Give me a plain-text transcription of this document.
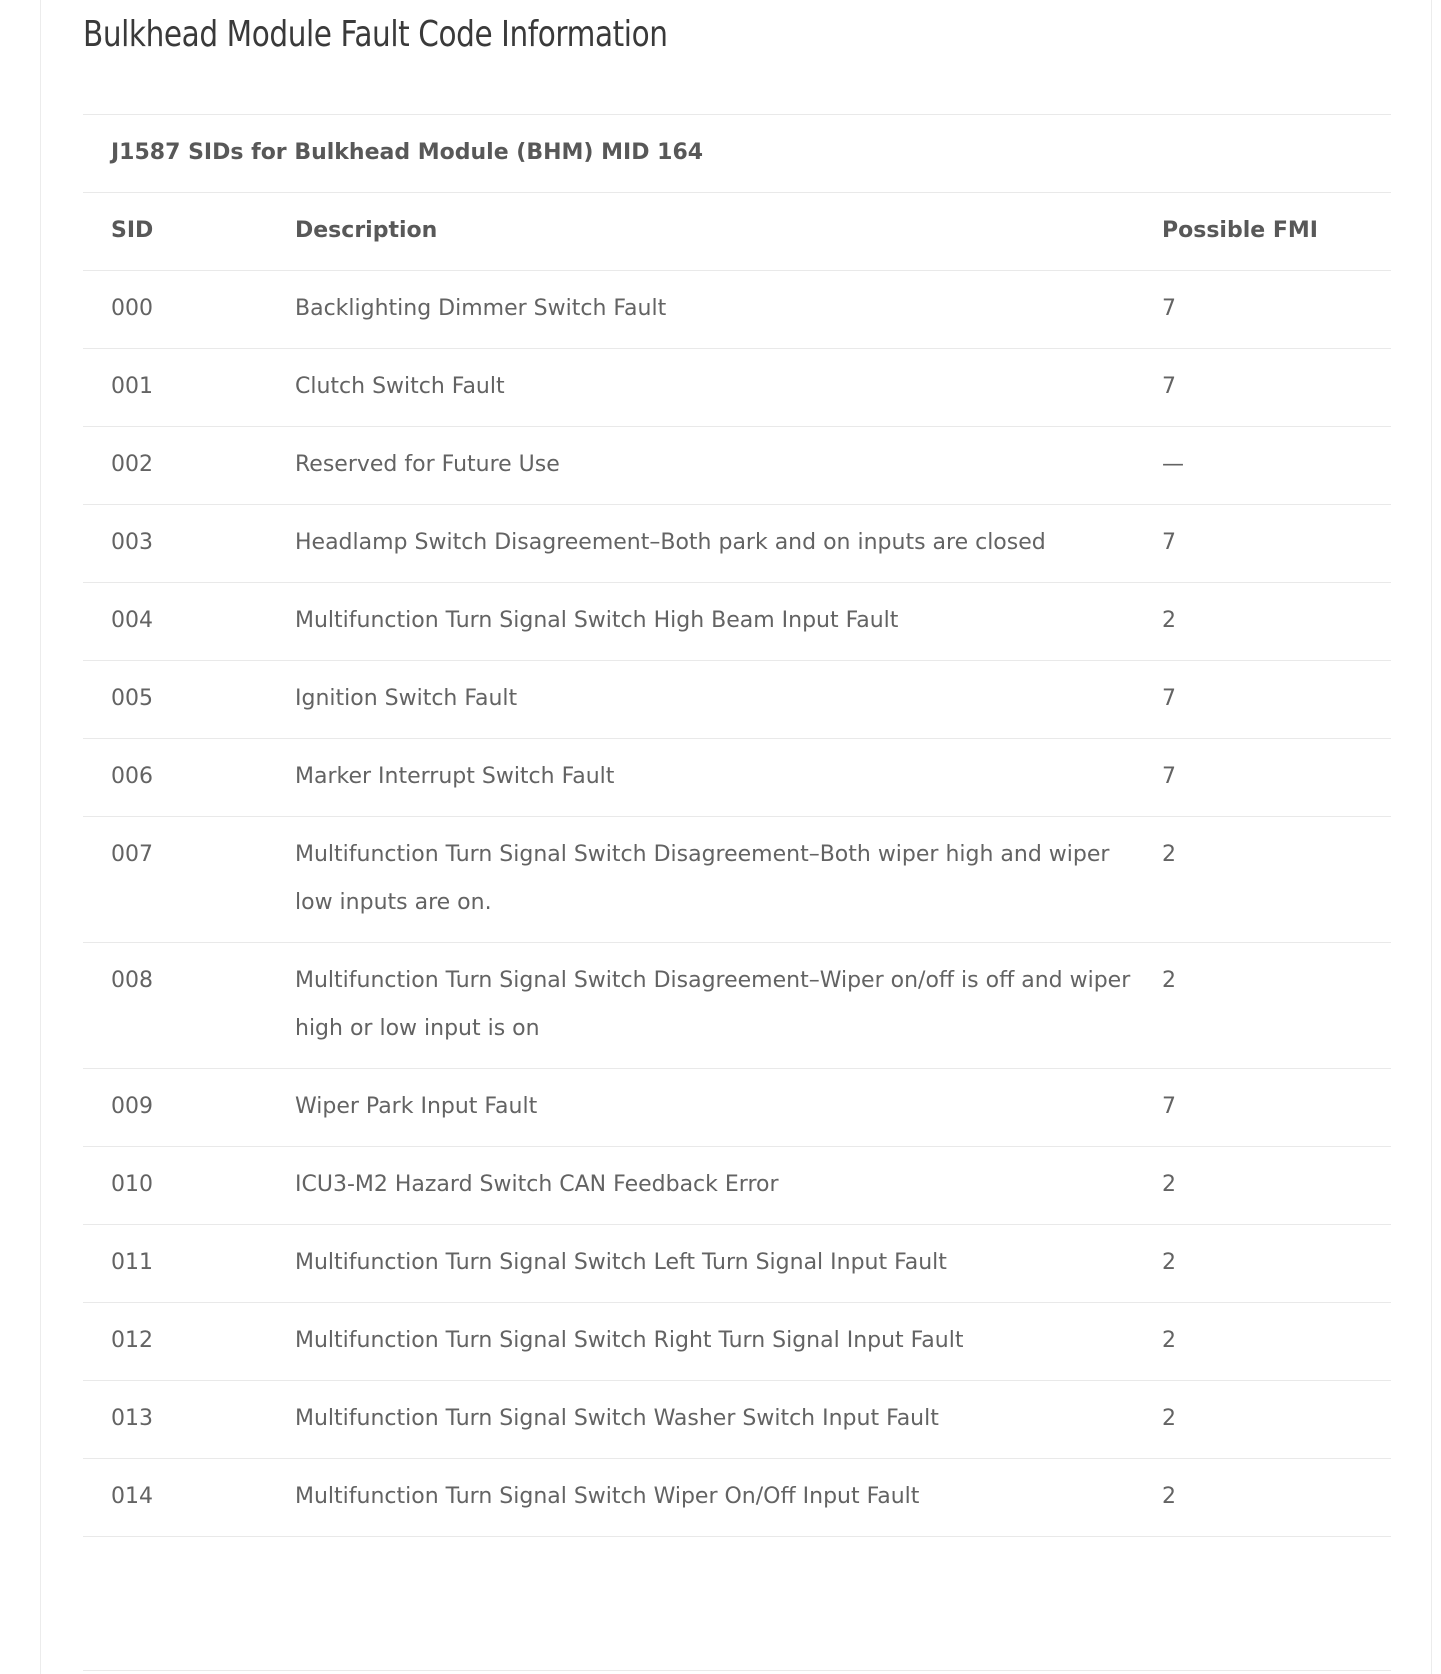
Bulkhead Module Fault Code Information
J1587 SIDs for Bulkhead Module (BHM) MID 164		
SID	Description	Possible FMI

000	Backlighting Dimmer Switch Fault	7

001	Clutch Switch Fault	7

002	Reserved for Future Use	—

003	Headlamp Switch Disagreement–Both park and on inputs are closed	7

004	Multifunction Turn Signal Switch High Beam Input Fault	2

005	Ignition Switch Fault	7

006	Marker Interrupt Switch Fault	7

007	Multifunction Turn Signal Switch Disagreement–Both wiper high and wiper low inputs are on.	2

008	Multifunction Turn Signal Switch Disagreement–Wiper on/off is off and wiper high or low input is on	2

009	Wiper Park Input Fault	7

010	ICU3-M2 Hazard Switch CAN Feedback Error	2

011	Multifunction Turn Signal Switch Left Turn Signal Input Fault	2

012	Multifunction Turn Signal Switch Right Turn Signal Input Fault	2

013	Multifunction Turn Signal Switch Washer Switch Input Fault	2

014	Multifunction Turn Signal Switch Wiper On/Off Input Fault	2
